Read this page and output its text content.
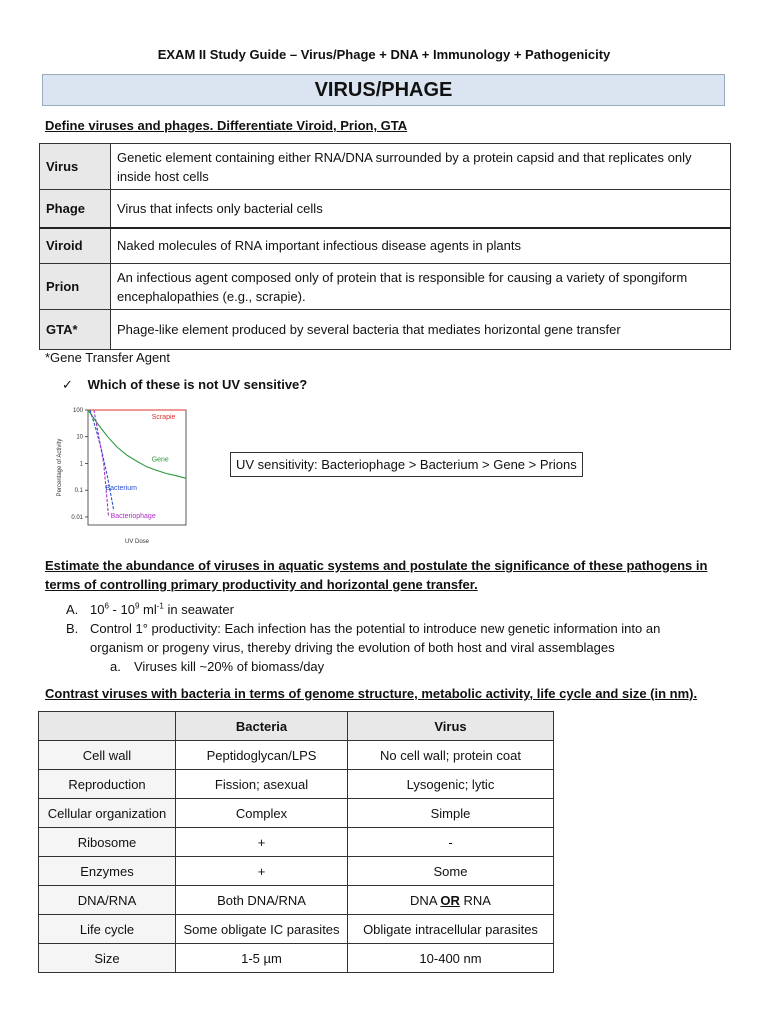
EXAM II Study Guide – Virus/Phage + DNA + Immunology + Pathogenicity
VIRUS/PHAGE
Define viruses and phages. Differentiate Viroid, Prion, GTA
Virus	Genetic element containing either RNA/DNA surrounded by a protein capsid and that replicates only inside host cells
Phage	Virus that infects only bacterial cells
Viroid	Naked molecules of RNA important infectious disease agents in plants
Prion	An infectious agent composed only of protein that is responsible for causing a variety of spongiform encephalopathies (e.g., scrapie).
GTA*	Phage-like element produced by several bacteria that mediates horizontal gene transfer
*Gene Transfer Agent
✓ Which of these is not UV sensitive?
100
10
1
0.1
0.01
Percentage of Activity
UV Dose
Scrapie
Gene
Bacterium
Bacteriophage
UV sensitivity: Bacteriophage > Bacterium > Gene > Prions
Estimate the abundance of viruses in aquatic systems and postulate the significance of these pathogens in
terms of controlling primary productivity and horizontal gene transfer.
A. $10^6 - 10^9$ $ml^{-1}$ in seawater
B. Control 1° productivity: Each infection has the potential to introduce new genetic information into an
organism or progeny virus, thereby driving the evolution of both host and viral assemblages
a. Viruses kill ~20% of biomass/day
Contrast viruses with bacteria in terms of genome structure, metabolic activity, life cycle and size (in nm).
	Bacteria	Virus
Cell wall	Peptidoglycan/LPS	No cell wall; protein coat
Reproduction	Fission; asexual	Lysogenic; lytic
Cellular organization	Complex	Simple
Ribosome	+	-
Enzymes	+	Some
DNA/RNA	Both DNA/RNA	DNA OR RNA
Life cycle	Some obligate IC parasites	Obligate intracellular parasites
Size	1-5 µm	10-400 nm
